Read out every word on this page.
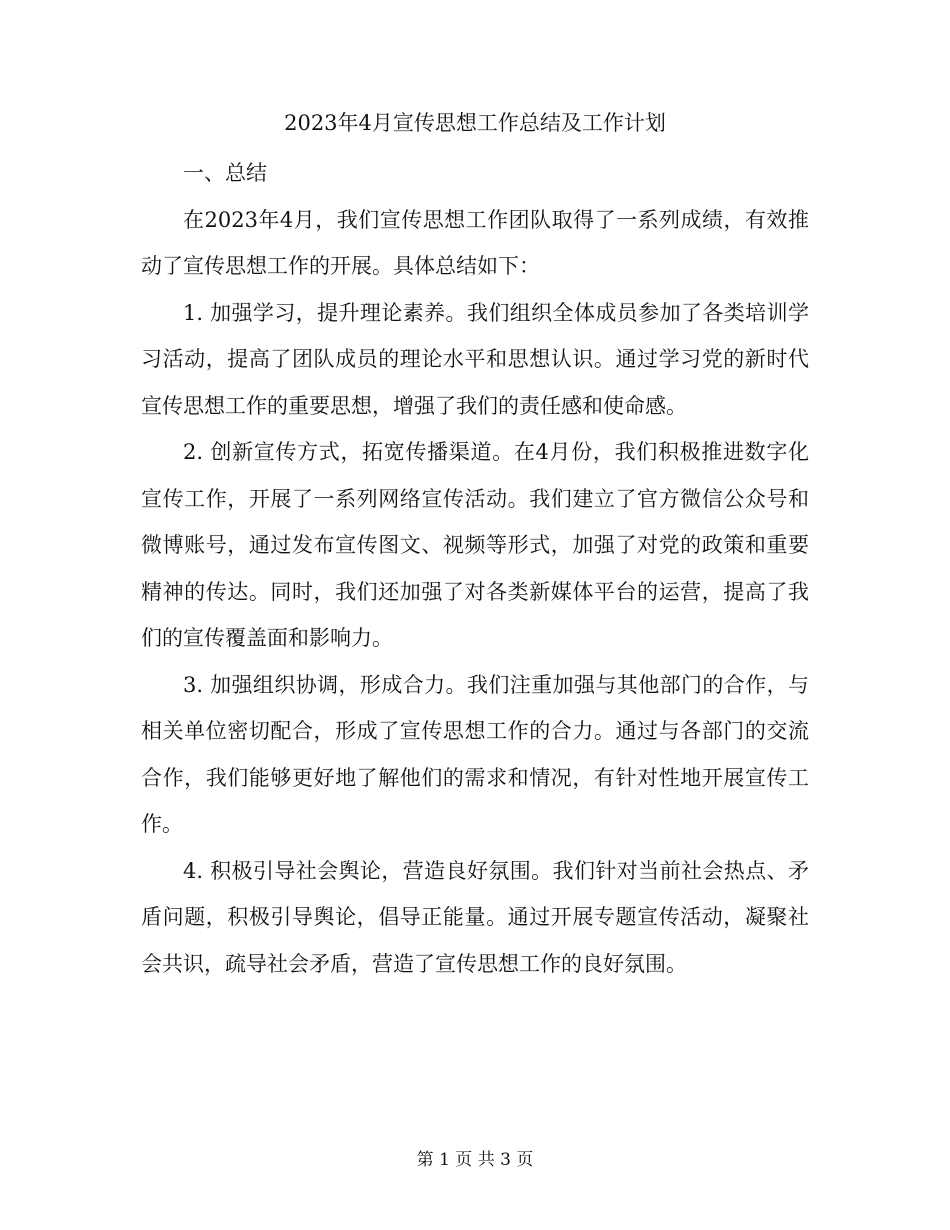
2023年4月宣传思想工作总结及工作计划

一、总结

在2023年4月，我们宣传思想工作团队取得了一系列成绩，有效推动了宣传思想工作的开展。具体总结如下：

1. 加强学习，提升理论素养。我们组织全体成员参加了各类培训学习活动，提高了团队成员的理论水平和思想认识。通过学习党的新时代宣传思想工作的重要思想，增强了我们的责任感和使命感。

2. 创新宣传方式，拓宽传播渠道。在4月份，我们积极推进数字化宣传工作，开展了一系列网络宣传活动。我们建立了官方微信公众号和微博账号，通过发布宣传图文、视频等形式，加强了对党的政策和重要精神的传达。同时，我们还加强了对各类新媒体平台的运营，提高了我们的宣传覆盖面和影响力。

3. 加强组织协调，形成合力。我们注重加强与其他部门的合作，与相关单位密切配合，形成了宣传思想工作的合力。通过与各部门的交流合作，我们能够更好地了解他们的需求和情况，有针对性地开展宣传工作。

4. 积极引导社会舆论，营造良好氛围。我们针对当前社会热点、矛盾问题，积极引导舆论，倡导正能量。通过开展专题宣传活动，凝聚社会共识，疏导社会矛盾，营造了宣传思想工作的良好氛围。

第 1 页 共 3 页
